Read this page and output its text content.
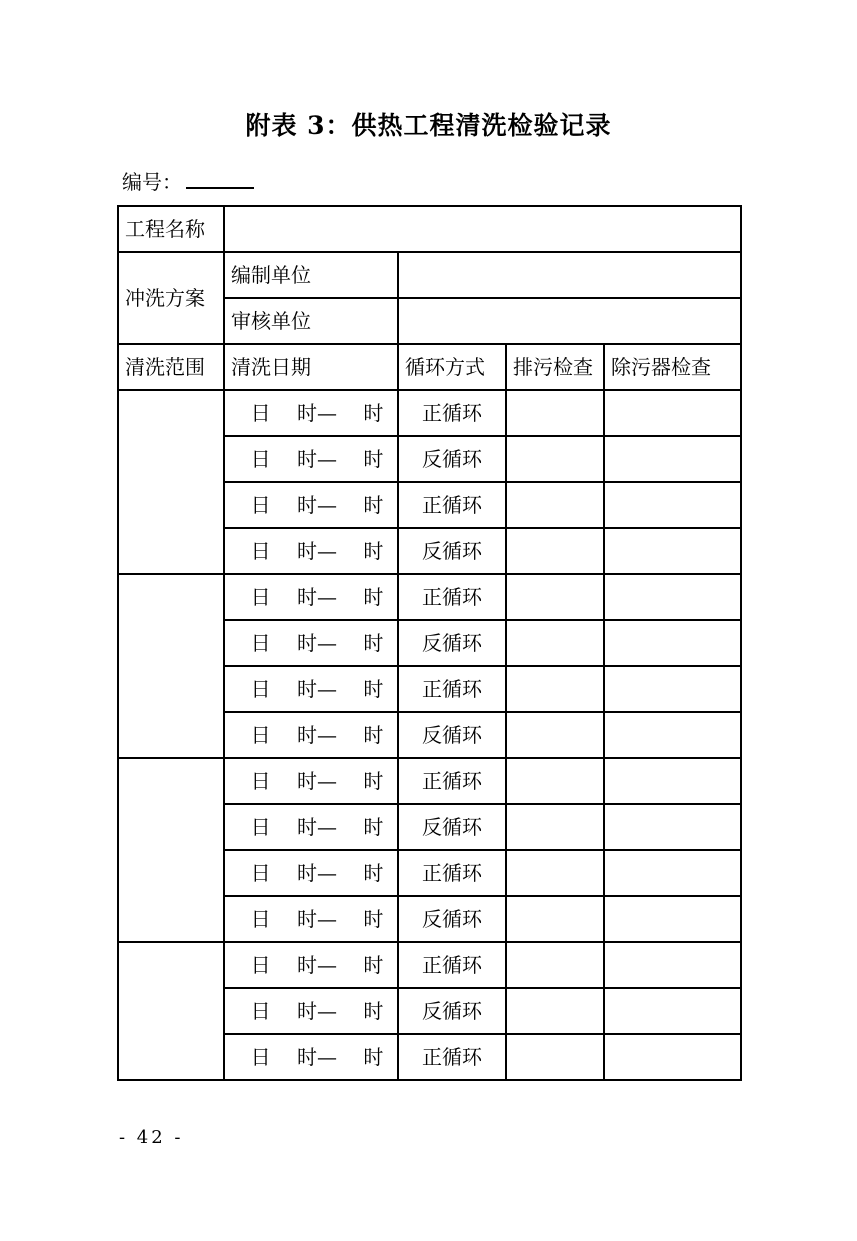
附表 3：供热工程清洗检验记录
编号：
工程名称				
冲洗方案	编制单位			
	审核单位			
清洗范围	清洗日期	循环方式	排污检查	除污器检查
	日　 时—　 时	正循环		
	日　 时—　 时	反循环		
	日　 时—　 时	正循环		
	日　 时—　 时	反循环		
	日　 时—　 时	正循环		
	日　 时—　 时	反循环		
	日　 时—　 时	正循环		
	日　 时—　 时	反循环		
	日　 时—　 时	正循环		
	日　 时—　 时	反循环		
	日　 时—　 时	正循环		
	日　 时—　 时	反循环		
	日　 时—　 时	正循环		
	日　 时—　 时	反循环		
	日　 时—　 时	正循环		
- 42 -
